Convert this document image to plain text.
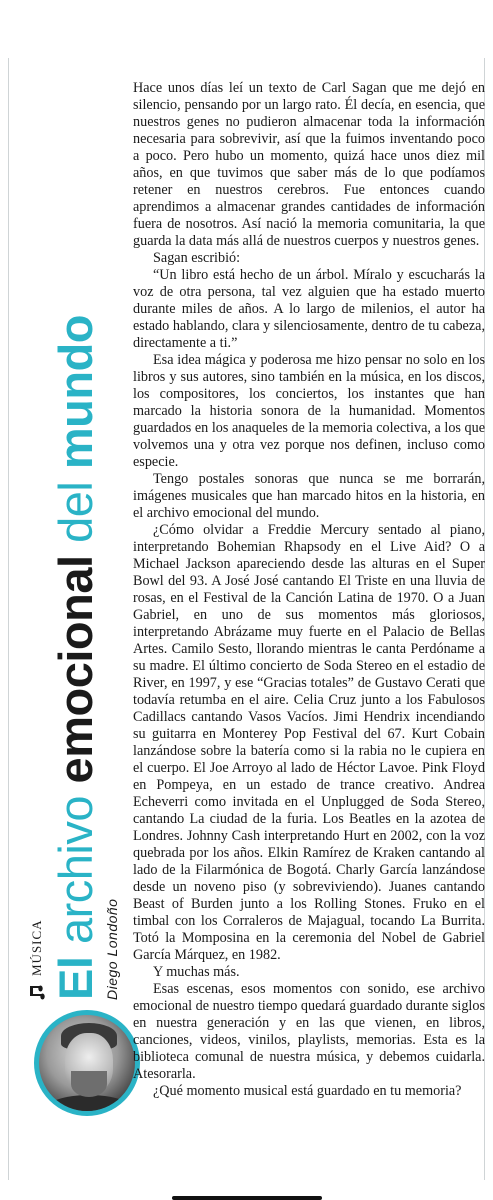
MÚSICA
El archivo emocional del mundo
Diego Londoño

Hace unos días leí un texto de Carl Sagan que me dejó en silencio, pensando por un largo rato. Él decía, en esencia, que nuestros genes no pudieron almacenar toda la información necesaria para sobrevivir, así que la fuimos inventando poco a poco. Pero hubo un momento, quizá hace unos diez mil años, en que tuvimos que saber más de lo que podíamos retener en nuestros cerebros. Fue entonces cuando aprendimos a almacenar grandes cantidades de información fuera de nosotros. Así nació la memoria comunitaria, la que guarda la data más allá de nuestros cuerpos y nuestros genes.

Sagan escribió:

“Un libro está hecho de un árbol. Míralo y escucharás la voz de otra persona, tal vez alguien que ha estado muerto durante miles de años. A lo largo de milenios, el autor ha estado hablando, clara y silenciosamente, dentro de tu cabeza, directamente a ti.”

Esa idea mágica y poderosa me hizo pensar no solo en los libros y sus autores, sino también en la música, en los discos, los compositores, los conciertos, los instantes que han marcado la historia sonora de la humanidad. Momentos guardados en los anaqueles de la memoria colectiva, a los que volvemos una y otra vez porque nos definen, incluso como especie.

Tengo postales sonoras que nunca se me borrarán, imágenes musicales que han marcado hitos en la historia, en el archivo emocional del mundo.

¿Cómo olvidar a Freddie Mercury sentado al piano, interpretando Bohemian Rhapsody en el Live Aid? O a Michael Jackson apareciendo desde las alturas en el Super Bowl del 93. A José José cantando El Triste en una lluvia de rosas, en el Festival de la Canción Latina de 1970. O a Juan Gabriel, en uno de sus momentos más gloriosos, interpretando Abrázame muy fuerte en el Palacio de Bellas Artes. Camilo Sesto, llorando mientras le canta Perdóname a su madre. El último concierto de Soda Stereo en el estadio de River, en 1997, y ese “Gracias totales” de Gustavo Cerati que todavía retumba en el aire. Celia Cruz junto a los Fabulosos Cadillacs cantando Vasos Vacíos. Jimi Hendrix incendiando su guitarra en Monterey Pop Festival del 67. Kurt Cobain lanzándose sobre la batería como si la rabia no le cupiera en el cuerpo. El Joe Arroyo al lado de Héctor Lavoe. Pink Floyd en Pompeya, en un estado de trance creativo. Andrea Echeverri como invitada en el Unplugged de Soda Stereo, cantando La ciudad de la furia. Los Beatles en la azotea de Londres. Johnny Cash interpretando Hurt en 2002, con la voz quebrada por los años. Elkin Ramírez de Kraken cantando al lado de la Filarmónica de Bogotá. Charly García lanzándose desde un noveno piso (y sobreviviendo). Juanes cantando Beast of Burden junto a los Rolling Stones. Fruko en el timbal con los Corraleros de Majagual, tocando La Burrita. Totó la Momposina en la ceremonia del Nobel de Gabriel García Márquez, en 1982.

Y muchas más.

Esas escenas, esos momentos con sonido, ese archivo emocional de nuestro tiempo quedará guardado durante siglos en nuestra generación y en las que vienen, en libros, canciones, videos, vinilos, playlists, memorias. Esta es la biblioteca comunal de nuestra música, y debemos cuidarla. Atesorarla.

¿Qué momento musical está guardado en tu memoria?
